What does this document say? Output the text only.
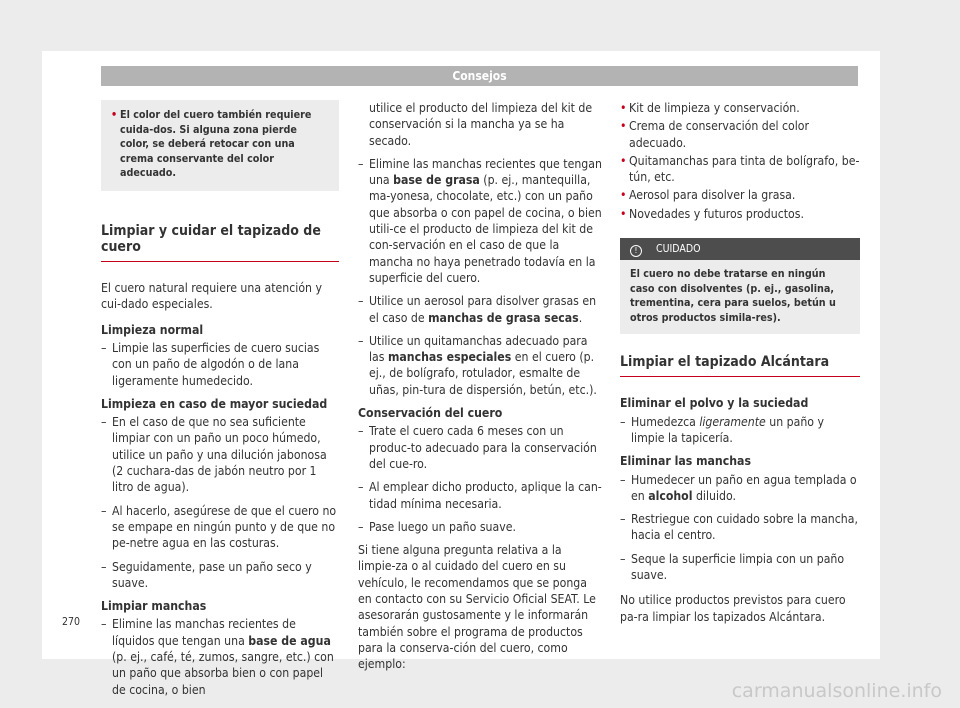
Consejos
• El color del cuero también requiere cuida-dos. Si alguna zona pierde color, se deberá retocar con una crema conservante del color adecuado.
Limpiar y cuidar el tapizado de cuero

El cuero natural requiere una atención y cui-dado especiales.

Limpieza normal
– Limpie las superficies de cuero sucias con un paño de algodón o de lana ligeramente humedecido.
Limpieza en caso de mayor suciedad
– En el caso de que no sea suficiente limpiar con un paño un poco húmedo, utilice un paño y una dilución jabonosa (2 cuchara-das de jabón neutro por 1 litro de agua).
– Al hacerlo, asegúrese de que el cuero no se empape en ningún punto y de que no pe-netre agua en las costuras.
– Seguidamente, pase un paño seco y suave.
Limpiar manchas
– Elimine las manchas recientes de líquidos que tengan una base de agua (p. ej., café, té, zumos, sangre, etc.) con un paño que absorba bien o con papel de cocina, o bien
utilice el producto del limpieza del kit de conservación si la mancha ya se ha secado.
– Elimine las manchas recientes que tengan una base de grasa (p. ej., mantequilla, ma-yonesa, chocolate, etc.) con un paño que absorba o con papel de cocina, o bien utili-ce el producto de limpieza del kit de con-servación en el caso de que la mancha no haya penetrado todavía en la superficie del cuero.
– Utilice un aerosol para disolver grasas en el caso de manchas de grasa secas.
– Utilice un quitamanchas adecuado para las manchas especiales en el cuero (p. ej., de bolígrafo, rotulador, esmalte de uñas, pin-tura de dispersión, betún, etc.).
Conservación del cuero
– Trate el cuero cada 6 meses con un produc-to adecuado para la conservación del cue-ro.
– Al emplear dicho producto, aplique la can-tidad mínima necesaria.
– Pase luego un paño suave.

Si tiene alguna pregunta relativa a la limpie-za o al cuidado del cuero en su vehículo, le recomendamos que se ponga en contacto con su Servicio Oficial SEAT. Le asesorarán gustosamente y le informarán también sobre el programa de productos para la conserva-ción del cuero, como ejemplo:

• Kit de limpieza y conservación.
• Crema de conservación del color adecuado.
• Quitamanchas para tinta de bolígrafo, be-tún, etc.
• Aerosol para disolver la grasa.
• Novedades y futuros productos.
! CUIDADO
El cuero no debe tratarse en ningún caso con disolventes (p. ej., gasolina, trementina, cera para suelos, betún u otros productos simila-res).
Limpiar el tapizado Alcántara
Eliminar el polvo y la suciedad
– Humedezca ligeramente un paño y limpie la tapicería.
Eliminar las manchas
– Humedecer un paño en agua templada o en alcohol diluido.
– Restriegue con cuidado sobre la mancha, hacia el centro.
– Seque la superficie limpia con un paño suave.

No utilice productos previstos para cuero pa-ra limpiar los tapizados Alcántara.

270
carmanualsonline.info
